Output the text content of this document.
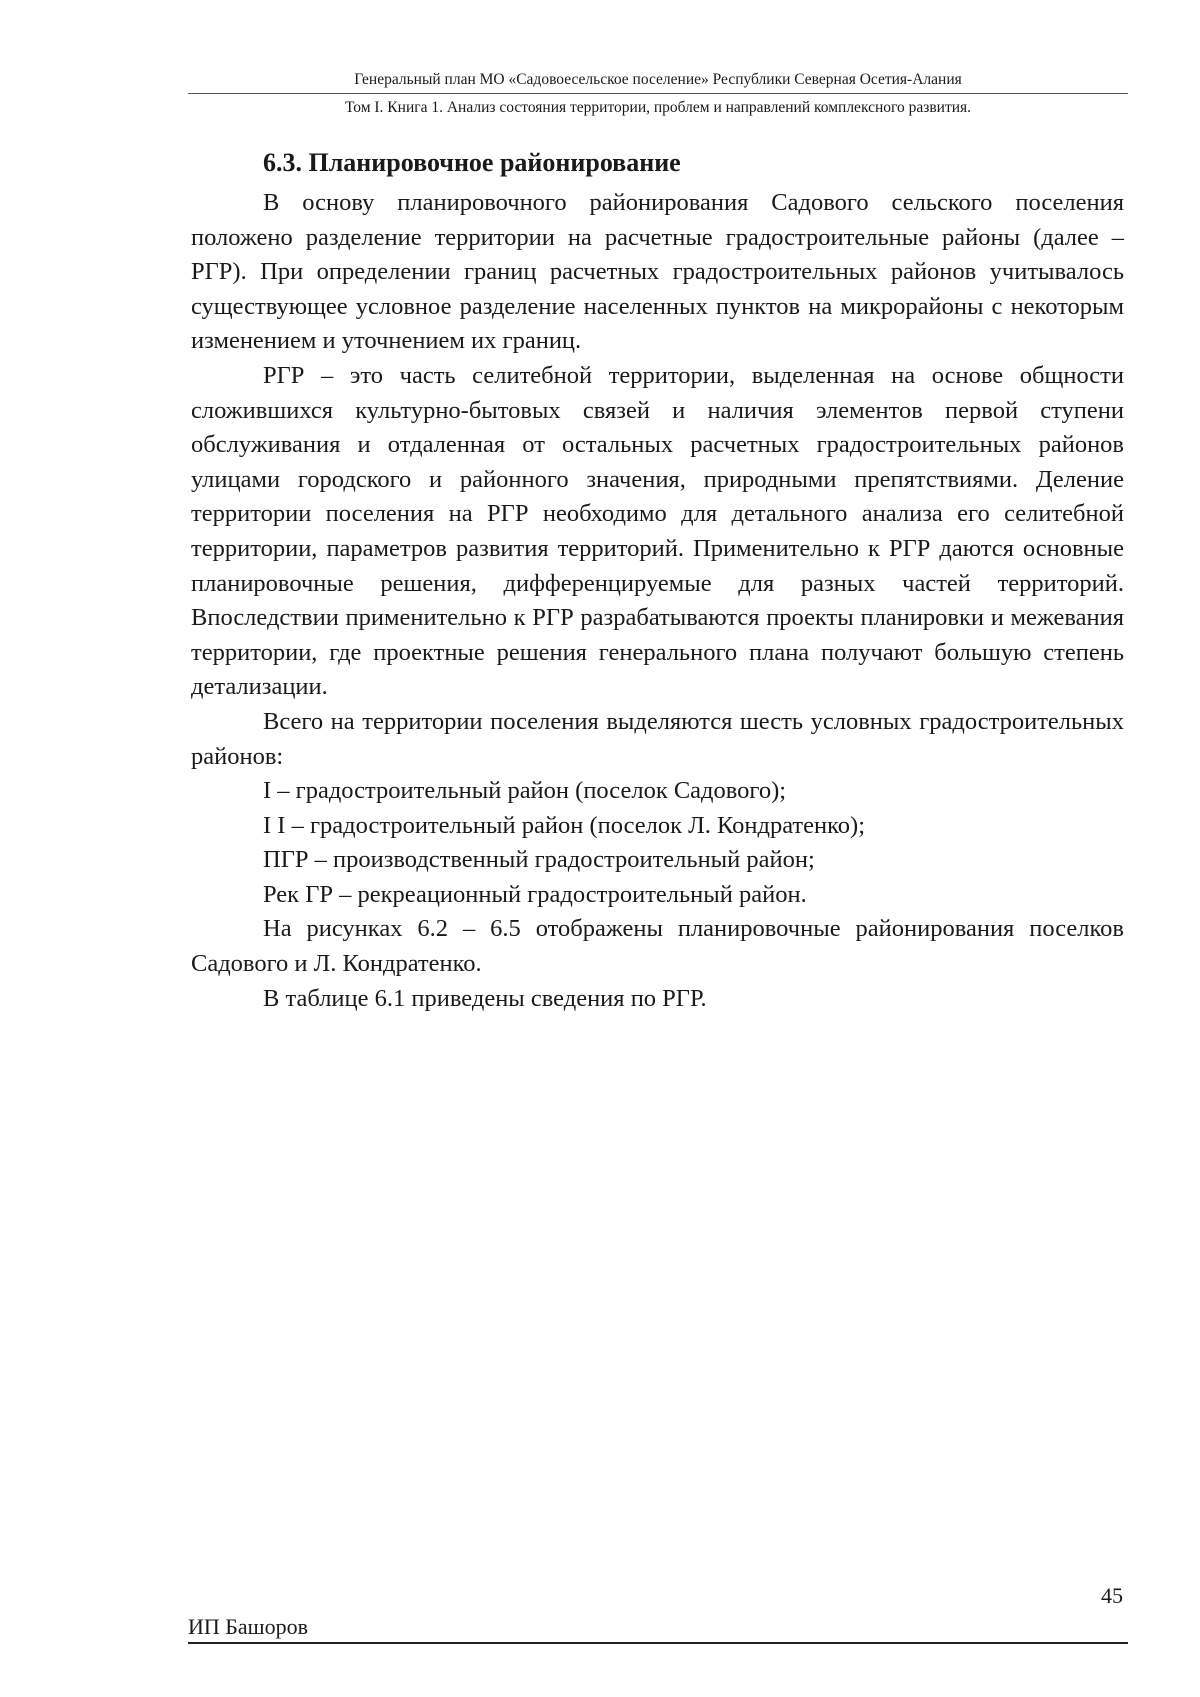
Генеральный план МО «Садовоесельское поселение» Республики Северная Осетия-Алания
Том I. Книга 1. Анализ состояния территории, проблем и направлений комплексного развития.
6.3. Планировочное районирование

В основу планировочного районирования Садового сельского поселения положено разделение территории на расчетные градостроительные районы (далее – РГР). При определении границ расчетных градостроительных районов учитывалось существующее условное разделение населенных пунктов на микрорайоны с некоторым изменением и уточнением их границ.

РГР – это часть селитебной территории, выделенная на основе общности сложившихся культурно-бытовых связей и наличия элементов первой ступени обслуживания и отдаленная от остальных расчетных градостроительных районов улицами городского и районного значения, природными препятствиями. Деление территории поселения на РГР необходимо для детального анализа его селитебной территории, параметров развития территорий. Применительно к РГР даются основные планировочные решения, дифференцируемые для разных частей территорий. Впоследствии применительно к РГР разрабатываются проекты планировки и межевания территории, где проектные решения генерального плана получают большую степень детализации.

Всего на территории поселения выделяются шесть условных градостроительных районов:

I – градостроительный район (поселок Садового);

I I – градостроительный район (поселок Л. Кондратенко);

ПГР – производственный градостроительный район;

Рек ГР – рекреационный градостроительный район.

На рисунках 6.2 – 6.5 отображены планировочные районирования поселков Садового и Л. Кондратенко.

В таблице 6.1 приведены сведения по РГР.

45
ИП Башоров
